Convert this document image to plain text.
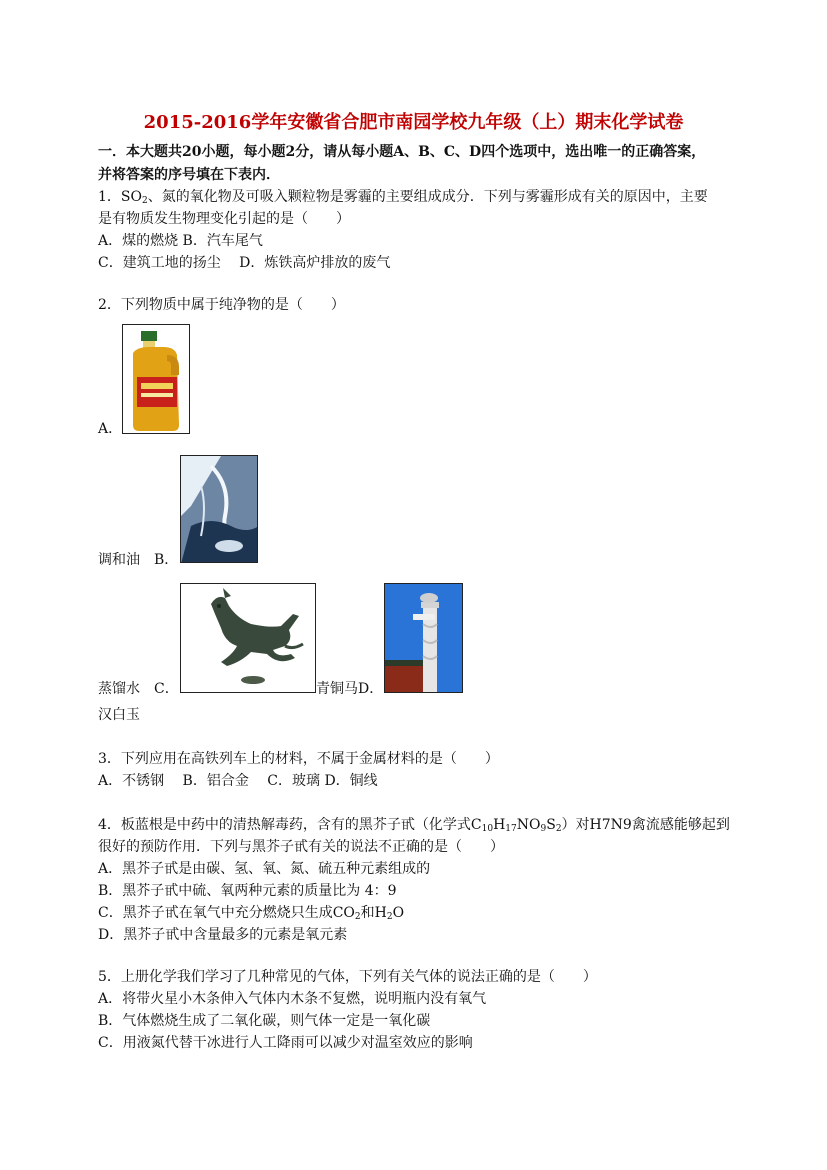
2015-2016学年安徽省合肥市南园学校九年级（上）期末化学试卷
一．本大题共20小题，每小题2分，请从每小题A、B、C、D四个选项中，选出唯一的正确答案，
并将答案的序号填在下表内．
1．$SO_2$、氮的氧化物及可吸入颗粒物是雾霾的主要组成成分．下列与雾霾形成有关的原因中，主要
是有物质发生物理变化引起的是（　　）
A．煤的燃烧 B．汽车尾气
C．建筑工地的扬尘　 D．炼铁高炉排放的废气
2．下列物质中属于纯净物的是（　　）
A．
调和油　B．
蒸馏水　C．	青铜马D．
汉白玉
3．下列应用在高铁列车上的材料，不属于金属材料的是（　　）
A．不锈钢　 B．铝合金　 C．玻璃 D．铜线
4．板蓝根是中药中的清热解毒药，含有的黑芥子甙（化学式$C_{10}H_{17}NO_9S_2$）对H7N9禽流感能够起到
很好的预防作用．下列与黑芥子甙有关的说法不正确的是（　　）
A．黑芥子甙是由碳、氢、氧、氮、硫五种元素组成的
B．黑芥子甙中硫、氧两种元素的质量比为 4：9
C．黑芥子甙在氧气中充分燃烧只生成$CO_2$和$H_2O$
D．黑芥子甙中含量最多的元素是氧元素
5．上册化学我们学习了几种常见的气体，下列有关气体的说法正确的是（　　）
A．将带火星小木条伸入气体内木条不复燃，说明瓶内没有氧气
B．气体燃烧生成了二氧化碳，则气体一定是一氧化碳
C．用液氮代替干冰进行人工降雨可以减少对温室效应的影响
